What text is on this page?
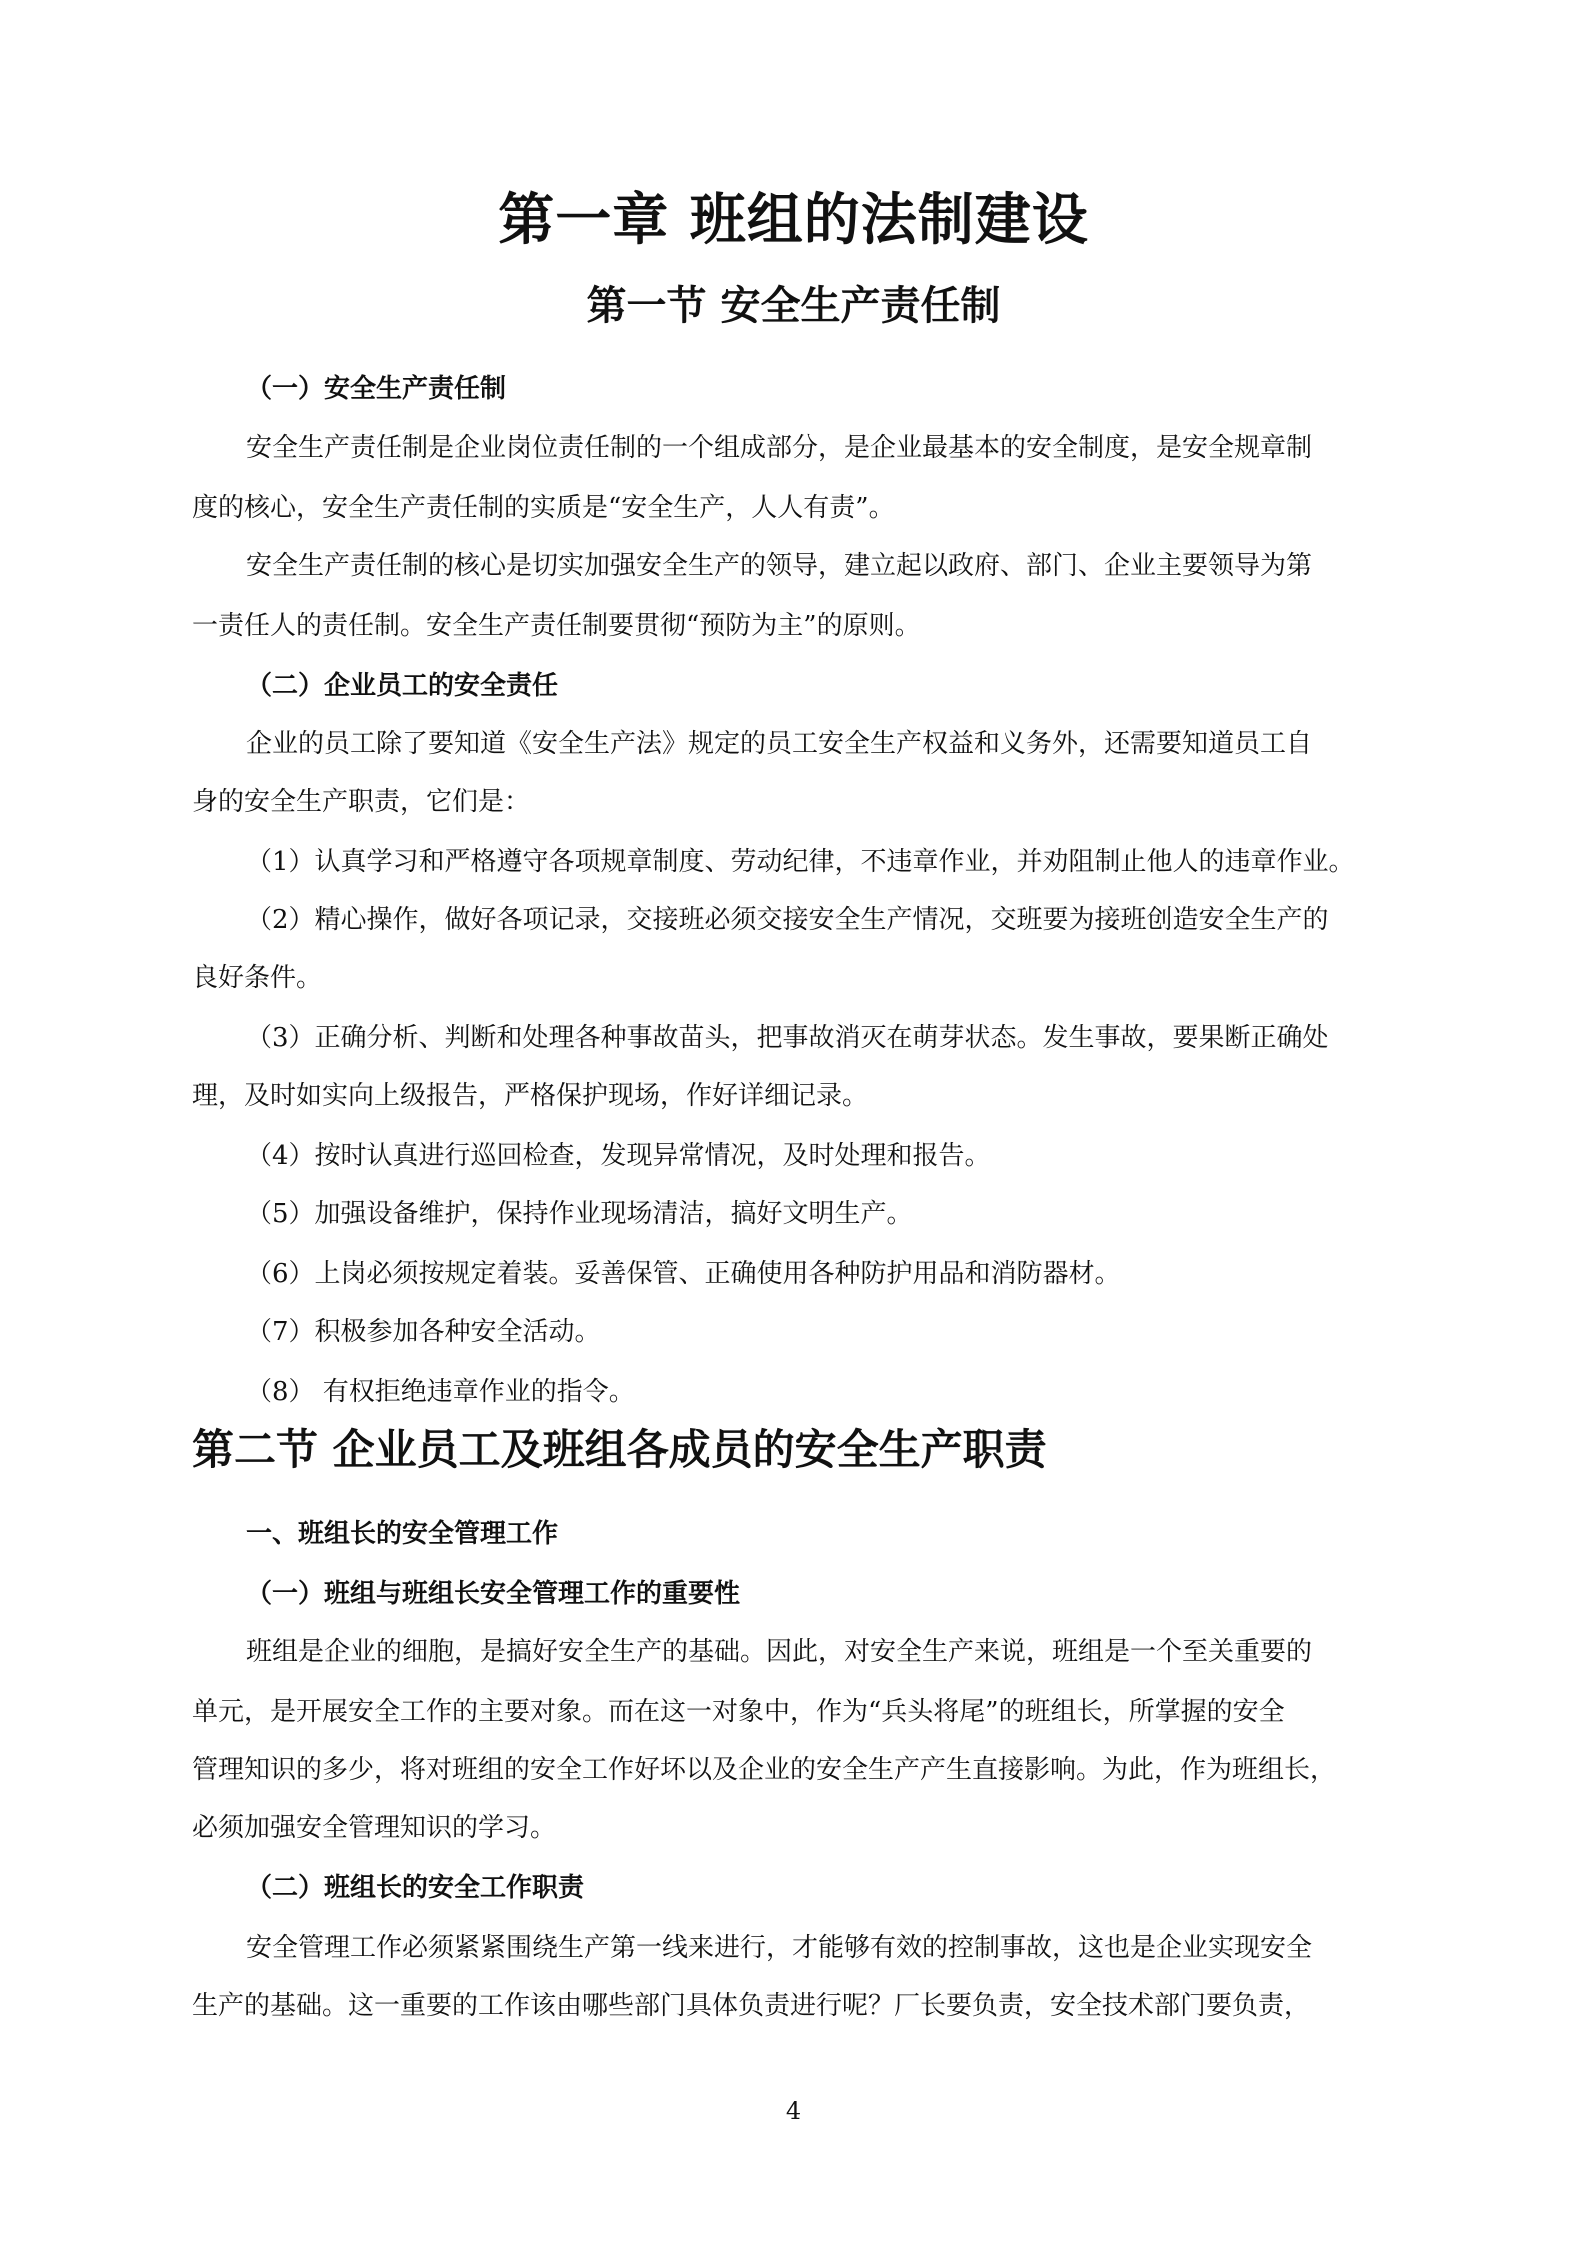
第一章 班组的法制建设
第一节 安全生产责任制

（一）安全生产责任制

安全生产责任制是企业岗位责任制的一个组成部分，是企业最基本的安全制度，是安全规章制

度的核心，安全生产责任制的实质是“安全生产，人人有责”。

安全生产责任制的核心是切实加强安全生产的领导，建立起以政府、部门、企业主要领导为第

一责任人的责任制。安全生产责任制要贯彻“预防为主”的原则。

（二）企业员工的安全责任

企业的员工除了要知道《安全生产法》规定的员工安全生产权益和义务外，还需要知道员工自

身的安全生产职责，它们是：

（1）认真学习和严格遵守各项规章制度、劳动纪律，不违章作业，并劝阻制止他人的违章作业。

（2）精心操作，做好各项记录，交接班必须交接安全生产情况，交班要为接班创造安全生产的

良好条件。

（3）正确分析、判断和处理各种事故苗头，把事故消灭在萌芽状态。发生事故，要果断正确处

理，及时如实向上级报告，严格保护现场，作好详细记录。

（4）按时认真进行巡回检查，发现异常情况，及时处理和报告。

（5）加强设备维护，保持作业现场清洁，搞好文明生产。

（6）上岗必须按规定着装。妥善保管、正确使用各种防护用品和消防器材。

（7）积极参加各种安全活动。

（8） 有权拒绝违章作业的指令。

第二节 企业员工及班组各成员的安全生产职责

一、班组长的安全管理工作

（一）班组与班组长安全管理工作的重要性

班组是企业的细胞，是搞好安全生产的基础。因此，对安全生产来说，班组是一个至关重要的

单元，是开展安全工作的主要对象。而在这一对象中，作为“兵头将尾”的班组长，所掌握的安全

管理知识的多少，将对班组的安全工作好坏以及企业的安全生产产生直接影响。为此，作为班组长，

必须加强安全管理知识的学习。

（二）班组长的安全工作职责

安全管理工作必须紧紧围绕生产第一线来进行，才能够有效的控制事故，这也是企业实现安全

生产的基础。这一重要的工作该由哪些部门具体负责进行呢？厂长要负责，安全技术部门要负责，

4
